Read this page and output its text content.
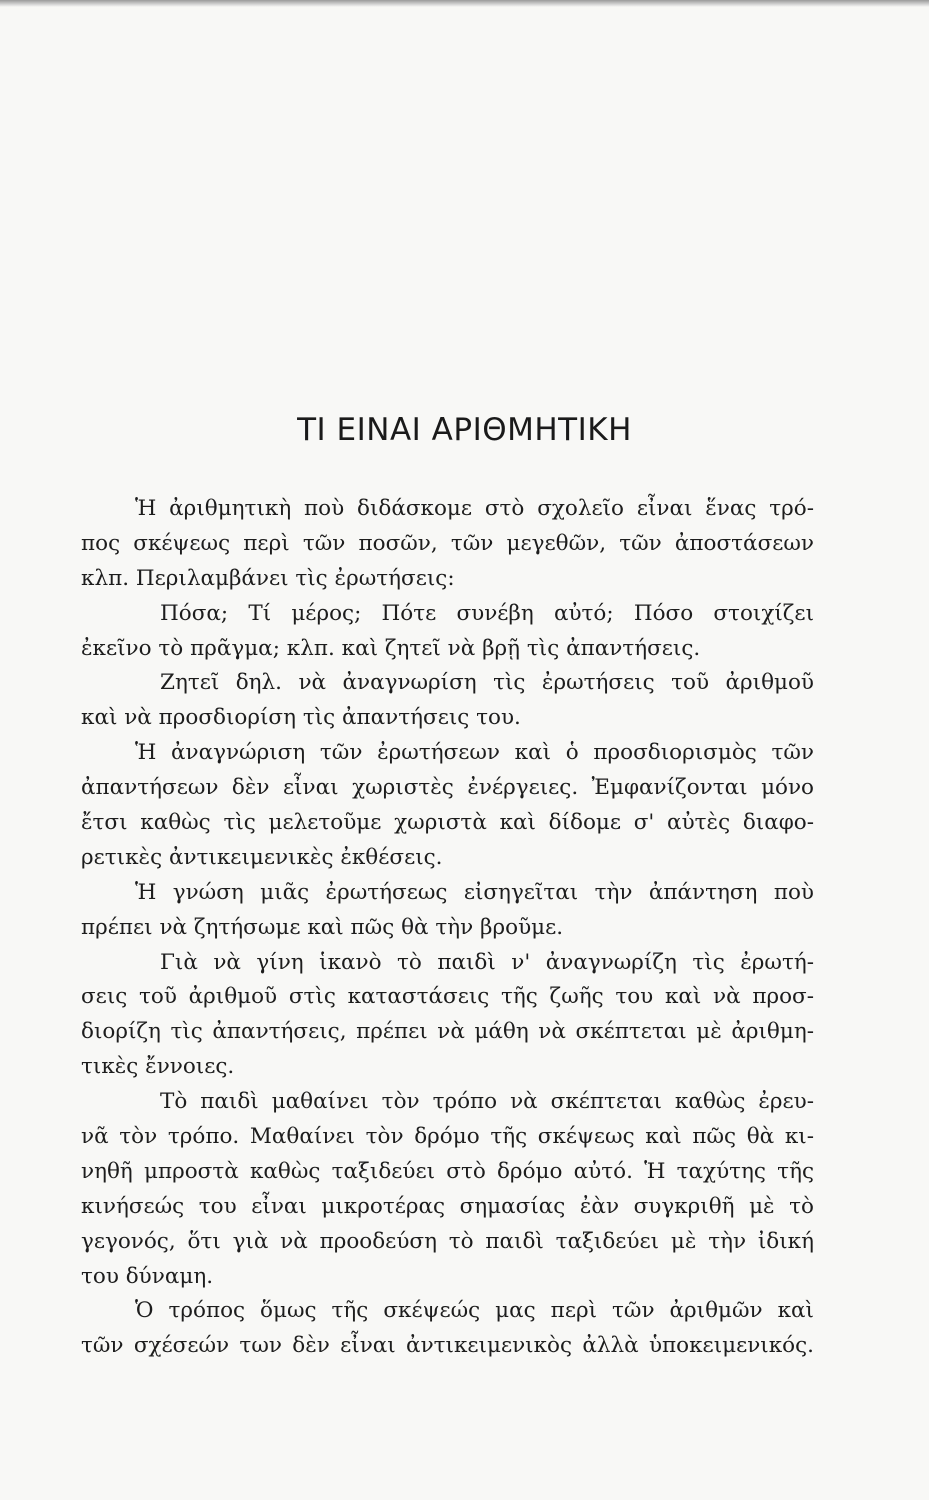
ΤΙ ΕΙΝΑΙ ΑΡΙΘΜΗΤΙΚΗ
Ἡ ἀριθμητικὴ ποὺ διδάσκομε στὸ σχολεῖο εἶναι ἕνας τρό-
πος σκέψεως περὶ τῶν ποσῶν, τῶν μεγεθῶν, τῶν ἀποστάσεων
κλπ. Περιλαμβάνει τὶς ἐρωτήσεις:
Πόσα; Τί μέρος; Πότε συνέβη αὐτό; Πόσο στοιχίζει
ἐκεῖνο τὸ πρᾶγμα; κλπ. καὶ ζητεῖ νὰ βρῇ τὶς ἀπαντήσεις.
Ζητεῖ δηλ. νὰ ἀναγνωρίση τὶς ἐρωτήσεις τοῦ ἀριθμοῦ
καὶ νὰ προσδιορίση τὶς ἀπαντήσεις του.
Ἡ ἀναγνώριση τῶν ἐρωτήσεων καὶ ὁ προσδιορισμὸς τῶν
ἀπαντήσεων δὲν εἶναι χωριστὲς ἐνέργειες. Ἐμφανίζονται μόνο
ἔτσι καθὼς τὶς μελετοῦμε χωριστὰ καὶ δίδομε σ' αὐτὲς διαφο-
ρετικὲς ἀντικειμενικὲς ἐκθέσεις.
Ἡ γνώση μιᾶς ἐρωτήσεως εἰσηγεῖται τὴν ἀπάντηση ποὺ
πρέπει νὰ ζητήσωμε καὶ πῶς θὰ τὴν βροῦμε.
Γιὰ νὰ γίνη ἱκανὸ τὸ παιδὶ ν' ἀναγνωρίζη τὶς ἐρωτή-
σεις τοῦ ἀριθμοῦ στὶς καταστάσεις τῆς ζωῆς του καὶ νὰ προσ-
διορίζη τὶς ἀπαντήσεις, πρέπει νὰ μάθη νὰ σκέπτεται μὲ ἀριθμη-
τικὲς ἔννοιες.
Τὸ παιδὶ μαθαίνει τὸν τρόπο νὰ σκέπτεται καθὼς ἐρευ-
νᾶ τὸν τρόπο. Μαθαίνει τὸν δρόμο τῆς σκέψεως καὶ πῶς θὰ κι-
νηθῆ μπροστὰ καθὼς ταξιδεύει στὸ δρόμο αὐτό. Ἡ ταχύτης τῆς
κινήσεώς του εἶναι μικροτέρας σημασίας ἐὰν συγκριθῆ μὲ τὸ
γεγονός, ὅτι γιὰ νὰ προοδεύση τὸ παιδὶ ταξιδεύει μὲ τὴν ἰδική
του δύναμη.
Ὁ τρόπος ὅμως τῆς σκέψεώς μας περὶ τῶν ἀριθμῶν καὶ
τῶν σχέσεών των δὲν εἶναι ἀντικειμενικὸς ἀλλὰ ὑποκειμενικός.
